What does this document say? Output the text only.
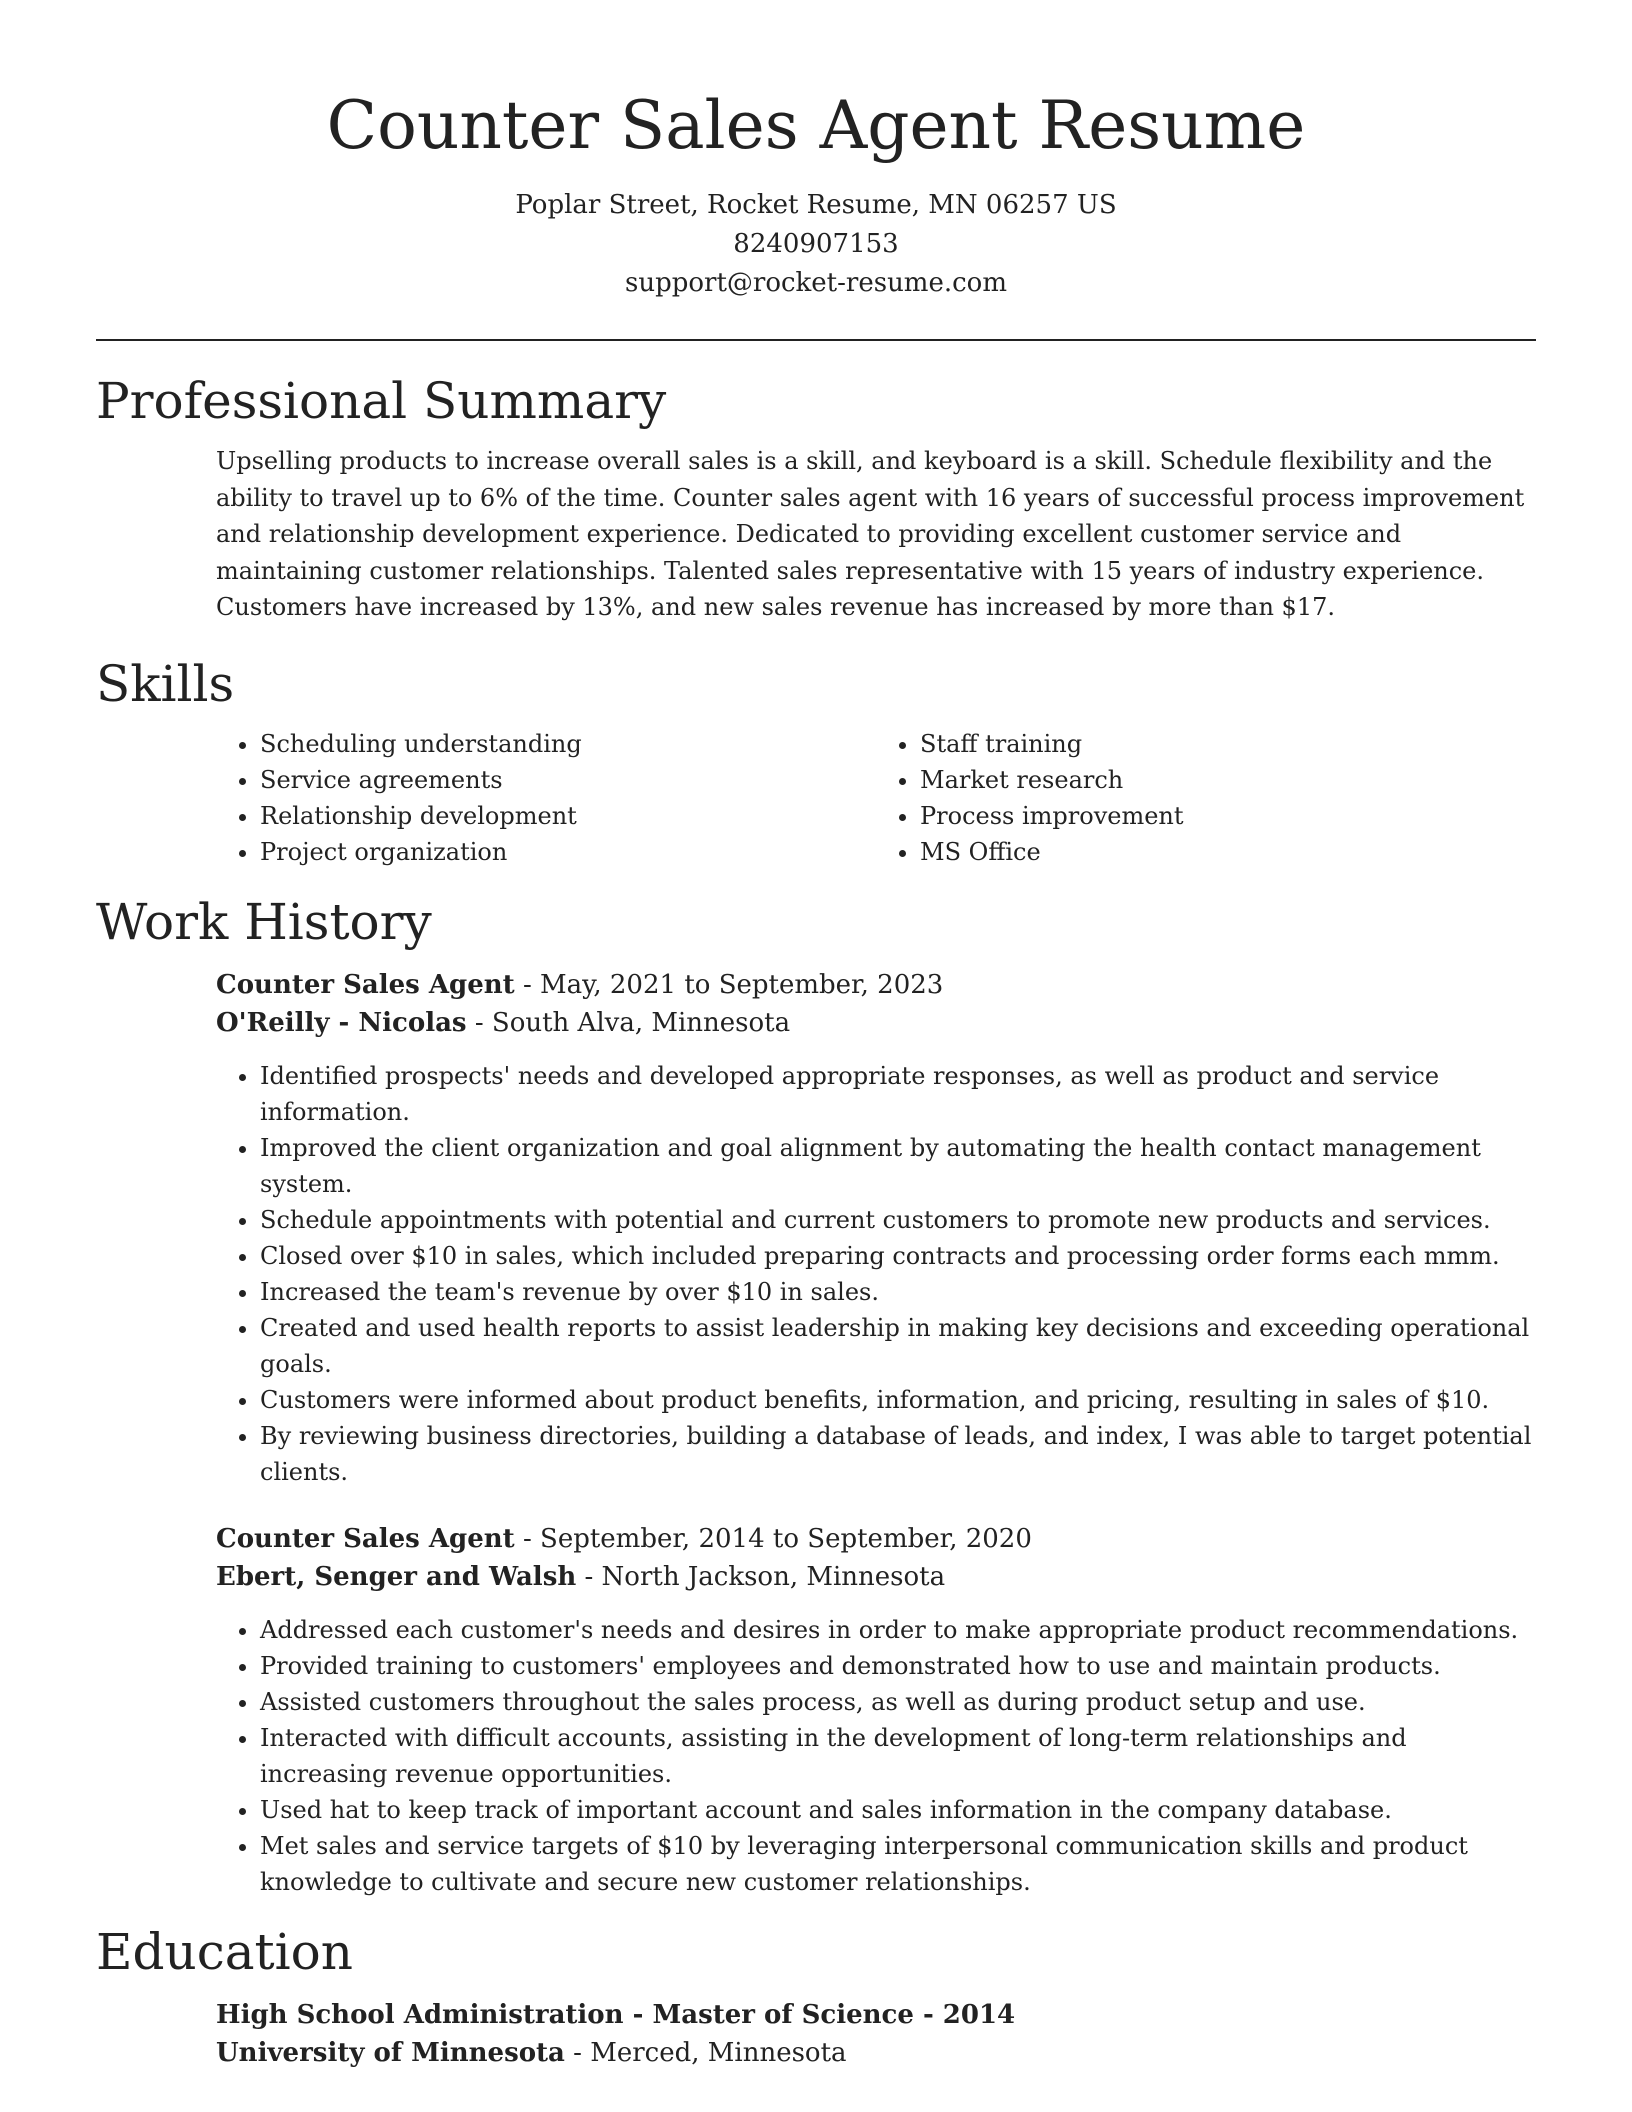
Counter Sales Agent Resume
Poplar Street, Rocket Resume, MN 06257 US
8240907153
support@rocket-resume.com
Professional Summary
Upselling products to increase overall sales is a skill, and keyboard is a skill. Schedule flexibility and the ability to travel up to 6% of the time. Counter sales agent with 16 years of successful process improvement and relationship development experience. Dedicated to providing excellent customer service and maintaining customer relationships. Talented sales representative with 15 years of industry experience. Customers have increased by 13%, and new sales revenue has increased by more than $17.
Skills
• Scheduling understanding
• Service agreements
• Relationship development
• Project organization
• Staff training
• Market research
• Process improvement
• MS Office
Work History
Counter Sales Agent - May, 2021 to September, 2023
O'Reilly - Nicolas - South Alva, Minnesota
• Identified prospects' needs and developed appropriate responses, as well as product and service information.
• Improved the client organization and goal alignment by automating the health contact management system.
• Schedule appointments with potential and current customers to promote new products and services.
• Closed over $10 in sales, which included preparing contracts and processing order forms each mmm.
• Increased the team's revenue by over $10 in sales.
• Created and used health reports to assist leadership in making key decisions and exceeding operational goals.
• Customers were informed about product benefits, information, and pricing, resulting in sales of $10.
• By reviewing business directories, building a database of leads, and index, I was able to target potential clients.
Counter Sales Agent - September, 2014 to September, 2020
Ebert, Senger and Walsh - North Jackson, Minnesota
• Addressed each customer's needs and desires in order to make appropriate product recommendations.
• Provided training to customers' employees and demonstrated how to use and maintain products.
• Assisted customers throughout the sales process, as well as during product setup and use.
• Interacted with difficult accounts, assisting in the development of long-term relationships and increasing revenue opportunities.
• Used hat to keep track of important account and sales information in the company database.
• Met sales and service targets of $10 by leveraging interpersonal communication skills and product knowledge to cultivate and secure new customer relationships.
Education
High School Administration - Master of Science - 2014
University of Minnesota - Merced, Minnesota
